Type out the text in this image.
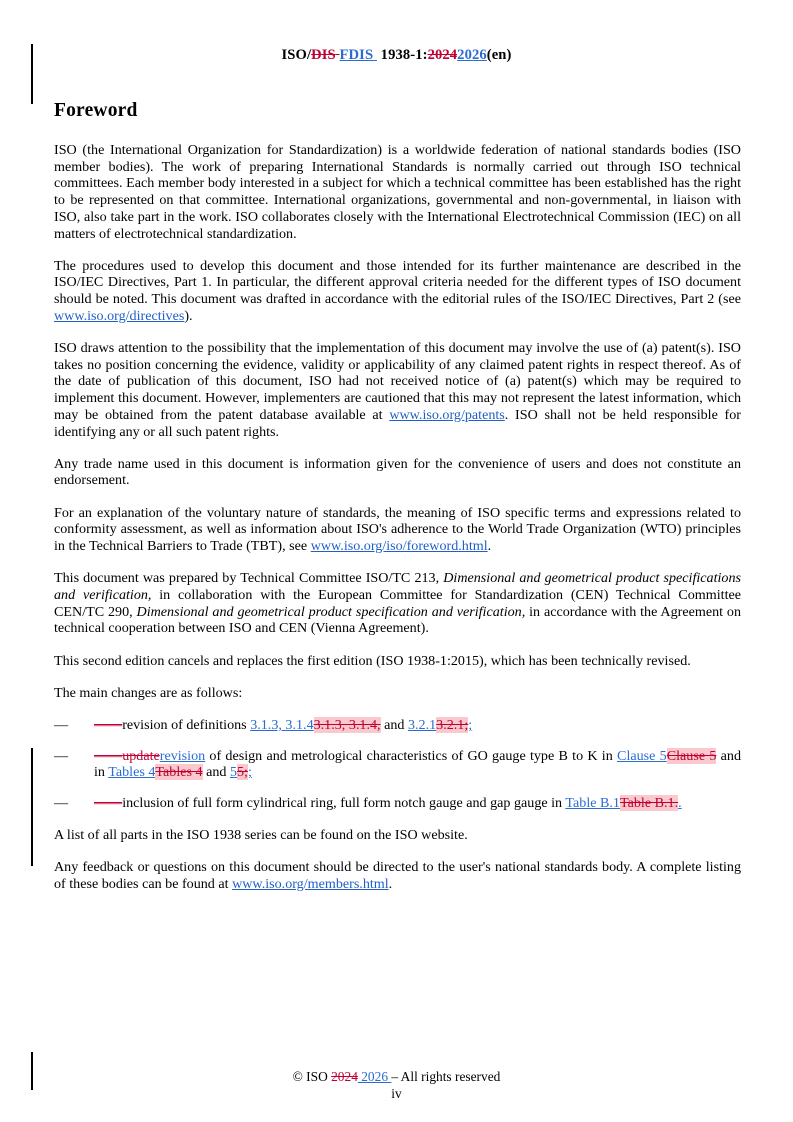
ISO/DIS FDIS  1938-1:20242026(en)
Foreword

ISO (the International Organization for Standardization) is a worldwide federation of national standards bodies (ISO member bodies). The work of preparing International Standards is normally carried out through ISO technical committees. Each member body interested in a subject for which a technical committee has been established has the right to be represented on that committee. International organizations, governmental and non-governmental, in liaison with ISO, also take part in the work. ISO collaborates closely with the International Electrotechnical Commission (IEC) on all matters of electrotechnical standardization.

The procedures used to develop this document and those intended for its further maintenance are described in the ISO/IEC Directives, Part 1. In particular, the different approval criteria needed for the different types of ISO document should be noted. This document was drafted in accordance with the editorial rules of the ISO/IEC Directives, Part 2 (see www.iso.org/directives).

ISO draws attention to the possibility that the implementation of this document may involve the use of (a) patent(s). ISO takes no position concerning the evidence, validity or applicability of any claimed patent rights in respect thereof. As of the date of publication of this document, ISO had not received notice of (a) patent(s) which may be required to implement this document. However, implementers are cautioned that this may not represent the latest information, which may be obtained from the patent database available at www.iso.org/patents. ISO shall not be held responsible for identifying any or all such patent rights.

Any trade name used in this document is information given for the convenience of users and does not constitute an endorsement.

For an explanation of the voluntary nature of standards, the meaning of ISO specific terms and expressions related to conformity assessment, as well as information about ISO's adherence to the World Trade Organization (WTO) principles in the Technical Barriers to Trade (TBT), see www.iso.org/iso/foreword.html.

This document was prepared by Technical Committee ISO/TC 213, Dimensional and geometrical product specifications and verification, in collaboration with the European Committee for Standardization (CEN) Technical Committee CEN/TC 290, Dimensional and geometrical product specification and verification, in accordance with the Agreement on technical cooperation between ISO and CEN (Vienna Agreement).

This second edition cancels and replaces the first edition (ISO 1938-1:2015), which has been technically revised.

The main changes are as follows:

— ——revision of definitions 3.1.3, 3.1.43.1.3, 3.1.4, and 3.2.13.2.1;;
— ——updaterevision of design and metrological characteristics of GO gauge type B to K in Clause 5Clause 5 and in Tables 4Tables 4 and 55;;
— ——inclusion of full form cylindrical ring, full form notch gauge and gap gauge in Table B.1Table B.1..

A list of all parts in the ISO 1938 series can be found on the ISO website.

Any feedback or questions on this document should be directed to the user's national standards body. A complete listing of these bodies can be found at www.iso.org/members.html.

© ISO 2024 2026 – All rights reserved
iv
